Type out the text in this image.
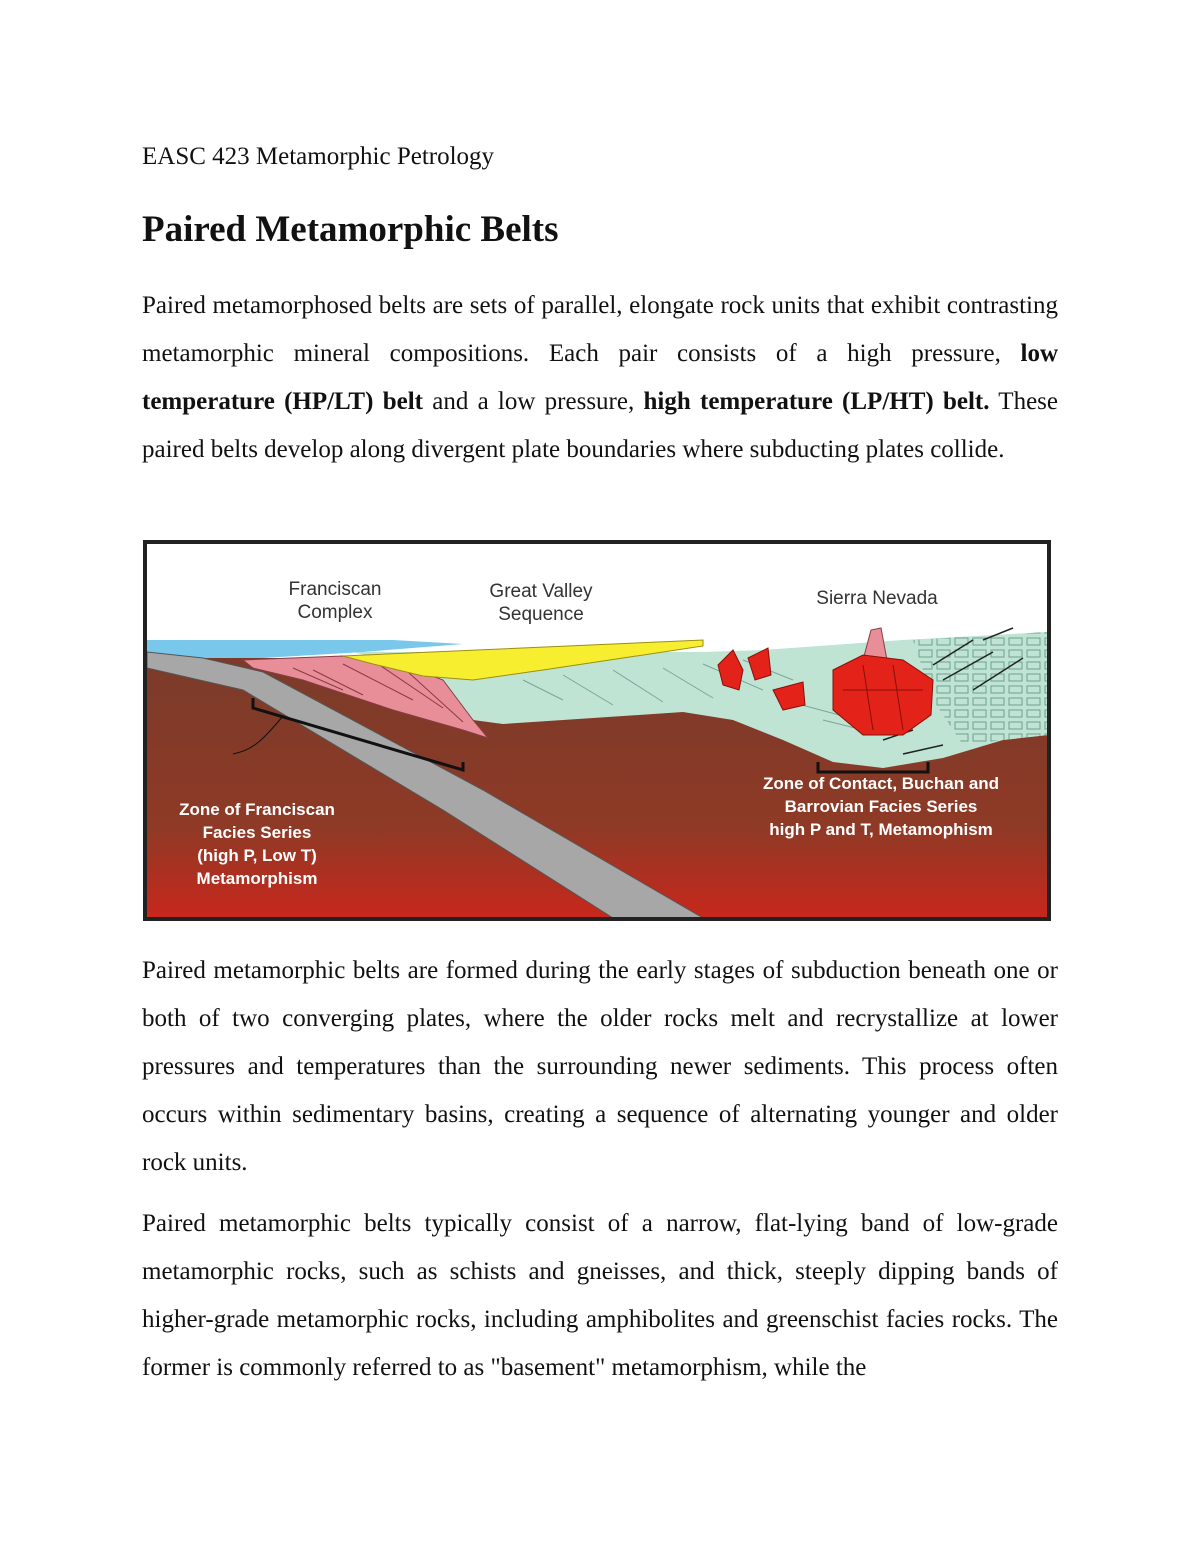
EASC 423 Metamorphic Petrology
Paired Metamorphic Belts

Paired metamorphosed belts are sets of parallel, elongate rock units that exhibit contrasting metamorphic mineral compositions. Each pair consists of a high pressure, low temperature (HP/LT) belt and a low pressure, high temperature (LP/HT) belt. These paired belts develop along divergent plate boundaries where subducting plates collide.

Franciscan
Complex
Great Valley
Sequence
Sierra Nevada
Zone of Franciscan
Facies Series
(high P, Low T)
Metamorphism
Zone of Contact, Buchan and
Barrovian Facies Series
high P and T, Metamophism

Paired metamorphic belts are formed during the early stages of subduction beneath one or both of two converging plates, where the older rocks melt and recrystallize at lower pressures and temperatures than the surrounding newer sediments. This process often occurs within sedimentary basins, creating a sequence of alternating younger and older rock units.

Paired metamorphic belts typically consist of a narrow, flat-lying band of low-grade metamorphic rocks, such as schists and gneisses, and thick, steeply dipping bands of higher-grade metamorphic rocks, including amphibolites and greenschist facies rocks. The former is commonly referred to as "basement" metamorphism, while the
